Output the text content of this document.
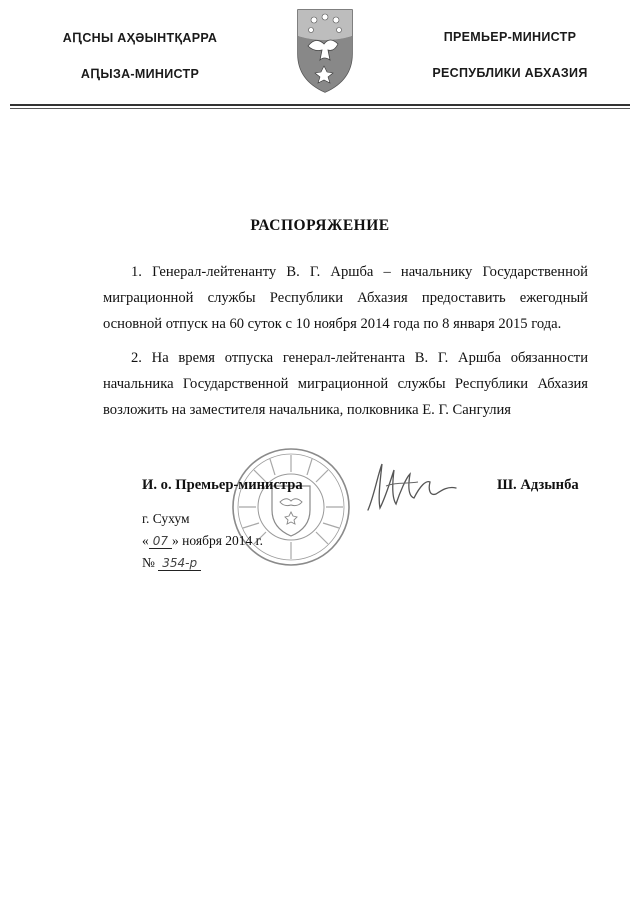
АԤСНЫ АҲӘЫНТҚАРРА
АԤЫЗА-МИНИСТР
ПРЕМЬЕР-МИНИСТР
РЕСПУБЛИКИ АБХАЗИЯ
РАСПОРЯЖЕНИЕ

1. Генерал-лейтенанту В. Г. Аршба – начальнику Государственной миграционной службы Республики Абхазия предоставить ежегодный основной отпуск на 60 суток с 10 ноября 2014 года по 8 января 2015 года.

2. На время отпуска генерал-лейтенанта В. Г. Аршба обязанности начальника Государственной миграционной службы Республики Абхазия возложить на заместителя начальника, полковника Е. Г. Сангулия

И. о. Премьер-министра	Ш. Адзынба
г. Сухум
« 07 » ноября 2014 г.
№ 354-р
